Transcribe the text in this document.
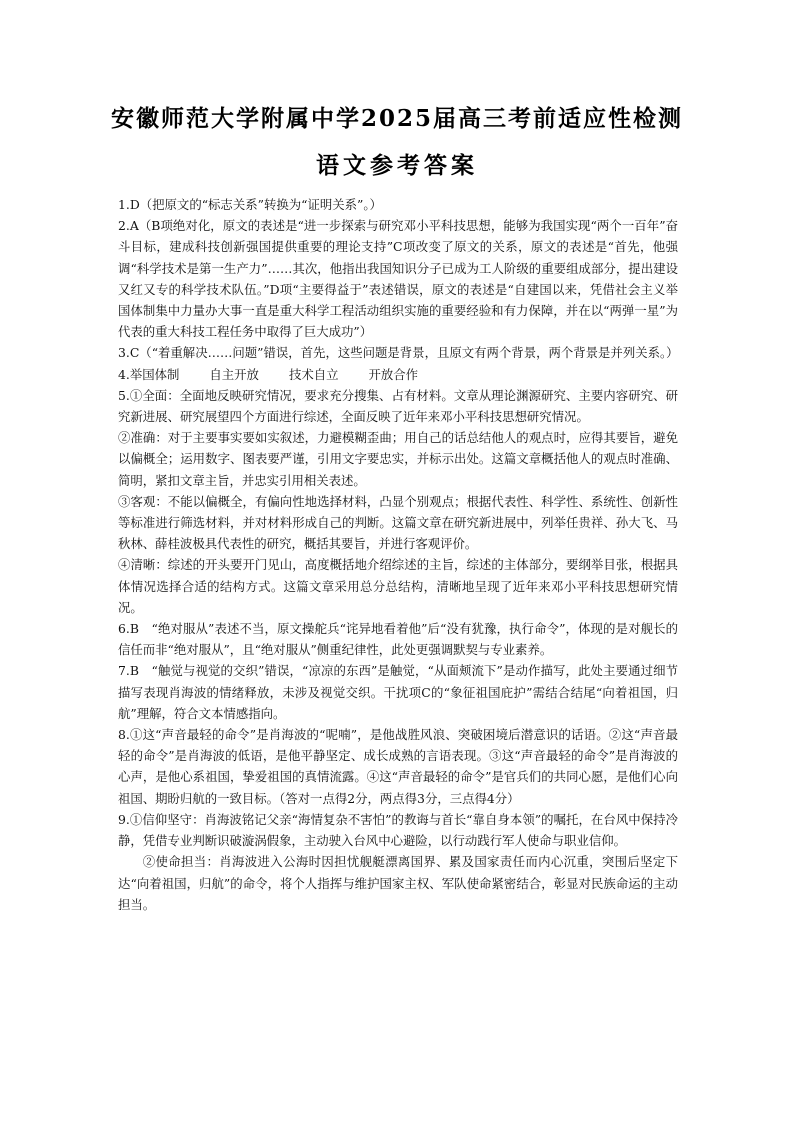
安徽师范大学附属中学2025届高三考前适应性检测
语文参考答案

1.D（把原文的“标志关系”转换为“证明关系”。）

2.A（B项绝对化，原文的表述是“进一步探索与研究邓小平科技思想，能够为我国实现“两个一百年”奋斗目标，建成科技创新强国提供重要的理论支持”C项改变了原文的关系，原文的表述是“首先，他强调“科学技术是第一生产力”……其次，他指出我国知识分子已成为工人阶级的重要组成部分，提出建设又红又专的科学技术队伍。”D项“主要得益于”表述错误，原文的表述是“自建国以来，凭借社会主义举国体制集中力量办大事一直是重大科学工程活动组织实施的重要经验和有力保障，并在以“两弹一星”为代表的重大科技工程任务中取得了巨大成功”）

3.C（“着重解决……问题”错误，首先，这些问题是背景，且原文有两个背景，两个背景是并列关系。）

4.举国体制 自主开放 技术自立 开放合作

5.①全面：全面地反映研究情况，要求充分搜集、占有材料。文章从理论渊源研究、主要内容研究、研究新进展、研究展望四个方面进行综述，全面反映了近年来邓小平科技思想研究情况。

②准确：对于主要事实要如实叙述，力避模糊歪曲；用自己的话总结他人的观点时，应得其要旨，避免以偏概全；运用数字、图表要严谨，引用文字要忠实，并标示出处。这篇文章概括他人的观点时准确、简明，紧扣文章主旨，并忠实引用相关表述。

③客观：不能以偏概全，有偏向性地选择材料，凸显个别观点；根据代表性、科学性、系统性、创新性等标准进行筛选材料，并对材料形成自己的判断。这篇文章在研究新进展中，列举任贵祥、孙大飞、马秋林、薛桂波极具代表性的研究，概括其要旨，并进行客观评价。

④清晰：综述的开头要开门见山，高度概括地介绍综述的主旨，综述的主体部分，要纲举目张，根据具体情况选择合适的结构方式。这篇文章采用总分总结构，清晰地呈现了近年来邓小平科技思想研究情况。

6.B　“绝对服从”表述不当，原文操舵兵“诧异地看着他”后“没有犹豫，执行命令”，体现的是对舰长的信任而非“绝对服从”，且“绝对服从”侧重纪律性，此处更强调默契与专业素养。

7.B　“触觉与视觉的交织”错误，“凉凉的东西”是触觉，“从面颊流下”是动作描写，此处主要通过细节描写表现肖海波的情绪释放，未涉及视觉交织。干扰项C的“象征祖国庇护”需结合结尾“向着祖国，归航”理解，符合文本情感指向。

8.①这“声音最轻的命令”是肖海波的“呢喃”，是他战胜风浪、突破困境后潜意识的话语。②这“声音最轻的命令”是肖海波的低语，是他平静坚定、成长成熟的言语表现。③这“声音最轻的命令”是肖海波的心声，是他心系祖国，挚爱祖国的真情流露。④这“声音最轻的命令”是官兵们的共同心愿，是他们心向祖国、期盼归航的一致目标。（答对一点得2分，两点得3分，三点得4分）

9.①信仰坚守：肖海波铭记父亲“海情复杂不害怕”的教诲与首长“靠自身本领”的嘱托，在台风中保持冷静，凭借专业判断识破漩涡假象，主动驶入台风中心避险，以行动践行军人使命与职业信仰。

②使命担当：肖海波进入公海时因担忧舰艇漂离国界、累及国家责任而内心沉重，突围后坚定下达“向着祖国，归航”的命令，将个人指挥与维护国家主权、军队使命紧密结合，彰显对民族命运的主动担当。
